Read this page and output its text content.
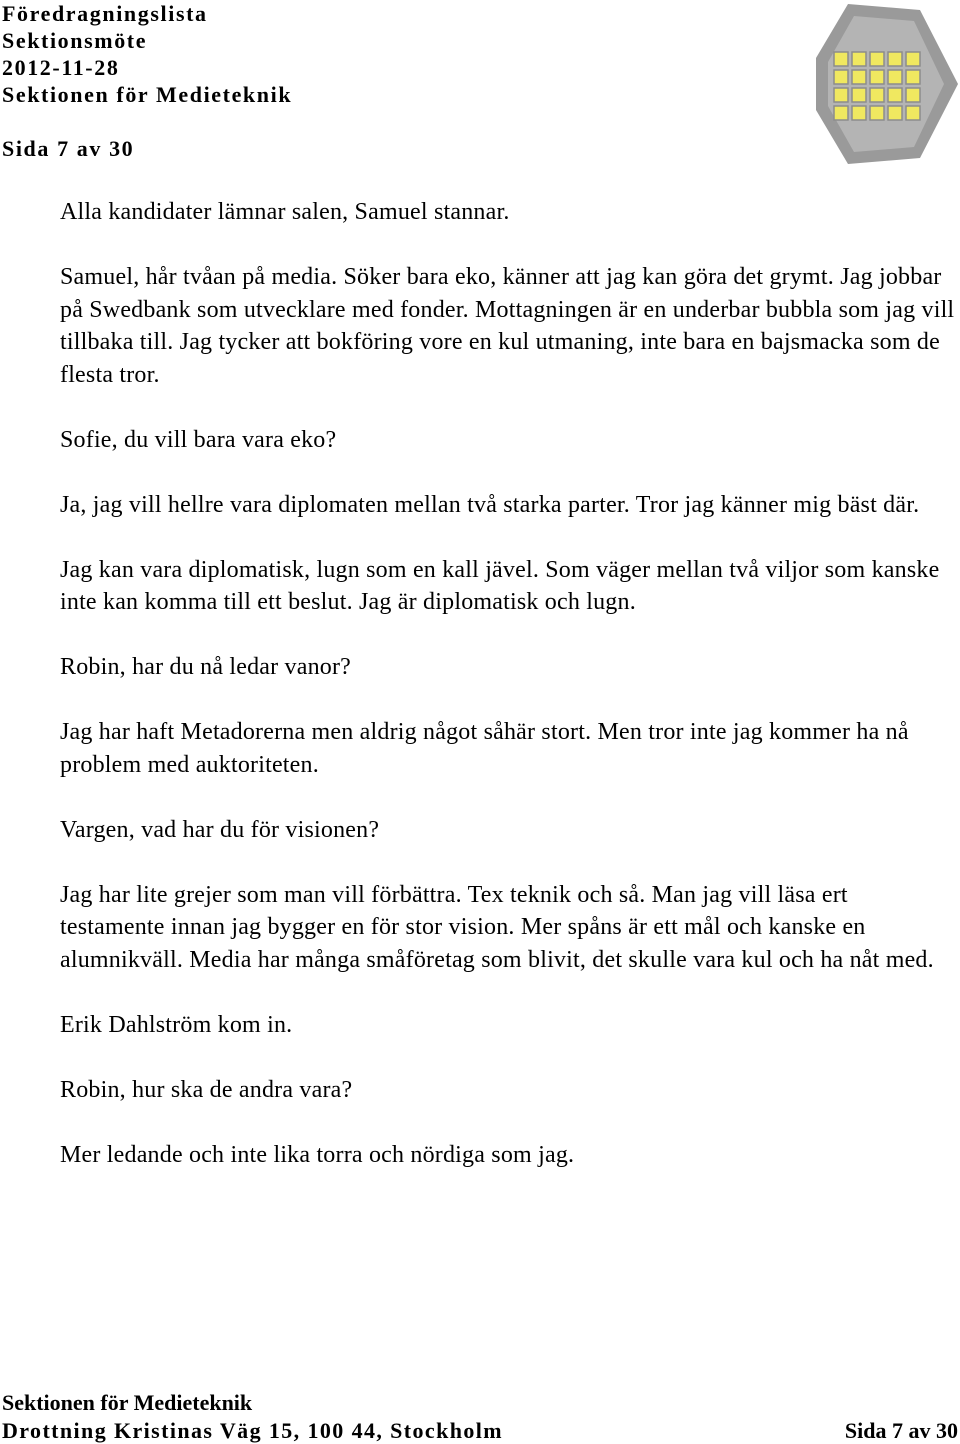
Föredragningslista
Sektionsmöte
2012-11-28
Sektionen för Medieteknik
Sida 7 av 30

Alla kandidater lämnar salen, Samuel stannar.

Samuel, hår tvåan på media. Söker bara eko, känner att jag kan göra det grymt. Jag jobbar på Swedbank som utvecklare med fonder. Mottagningen är en underbar bubbla som jag vill tillbaka till. Jag tycker att bokföring vore en kul utmaning, inte bara en bajsmacka som de flesta tror.

Sofie, du vill bara vara eko?

Ja, jag vill hellre vara diplomaten mellan två starka parter. Tror jag känner mig bäst där.

Jag kan vara diplomatisk, lugn som en kall jävel. Som väger mellan två viljor som kanske inte kan komma till ett beslut. Jag är diplomatisk och lugn.

Robin, har du nå ledar vanor?

Jag har haft Metadorerna men aldrig något såhär stort. Men tror inte jag kommer ha nå problem med auktoriteten.

Vargen, vad har du för visionen?

Jag har lite grejer som man vill förbättra. Tex teknik och så. Man jag vill läsa ert testamente innan jag bygger en för stor vision. Mer spåns är ett mål och kanske en alumnikväll. Media har många småföretag som blivit, det skulle vara kul och ha nåt med.

Erik Dahlström kom in.

Robin, hur ska de andra vara?

Mer ledande och inte lika torra och nördiga som jag.

Sektionen för Medieteknik
Drottning Kristinas Väg 15, 100 44, Stockholm	Sida 7 av 30
